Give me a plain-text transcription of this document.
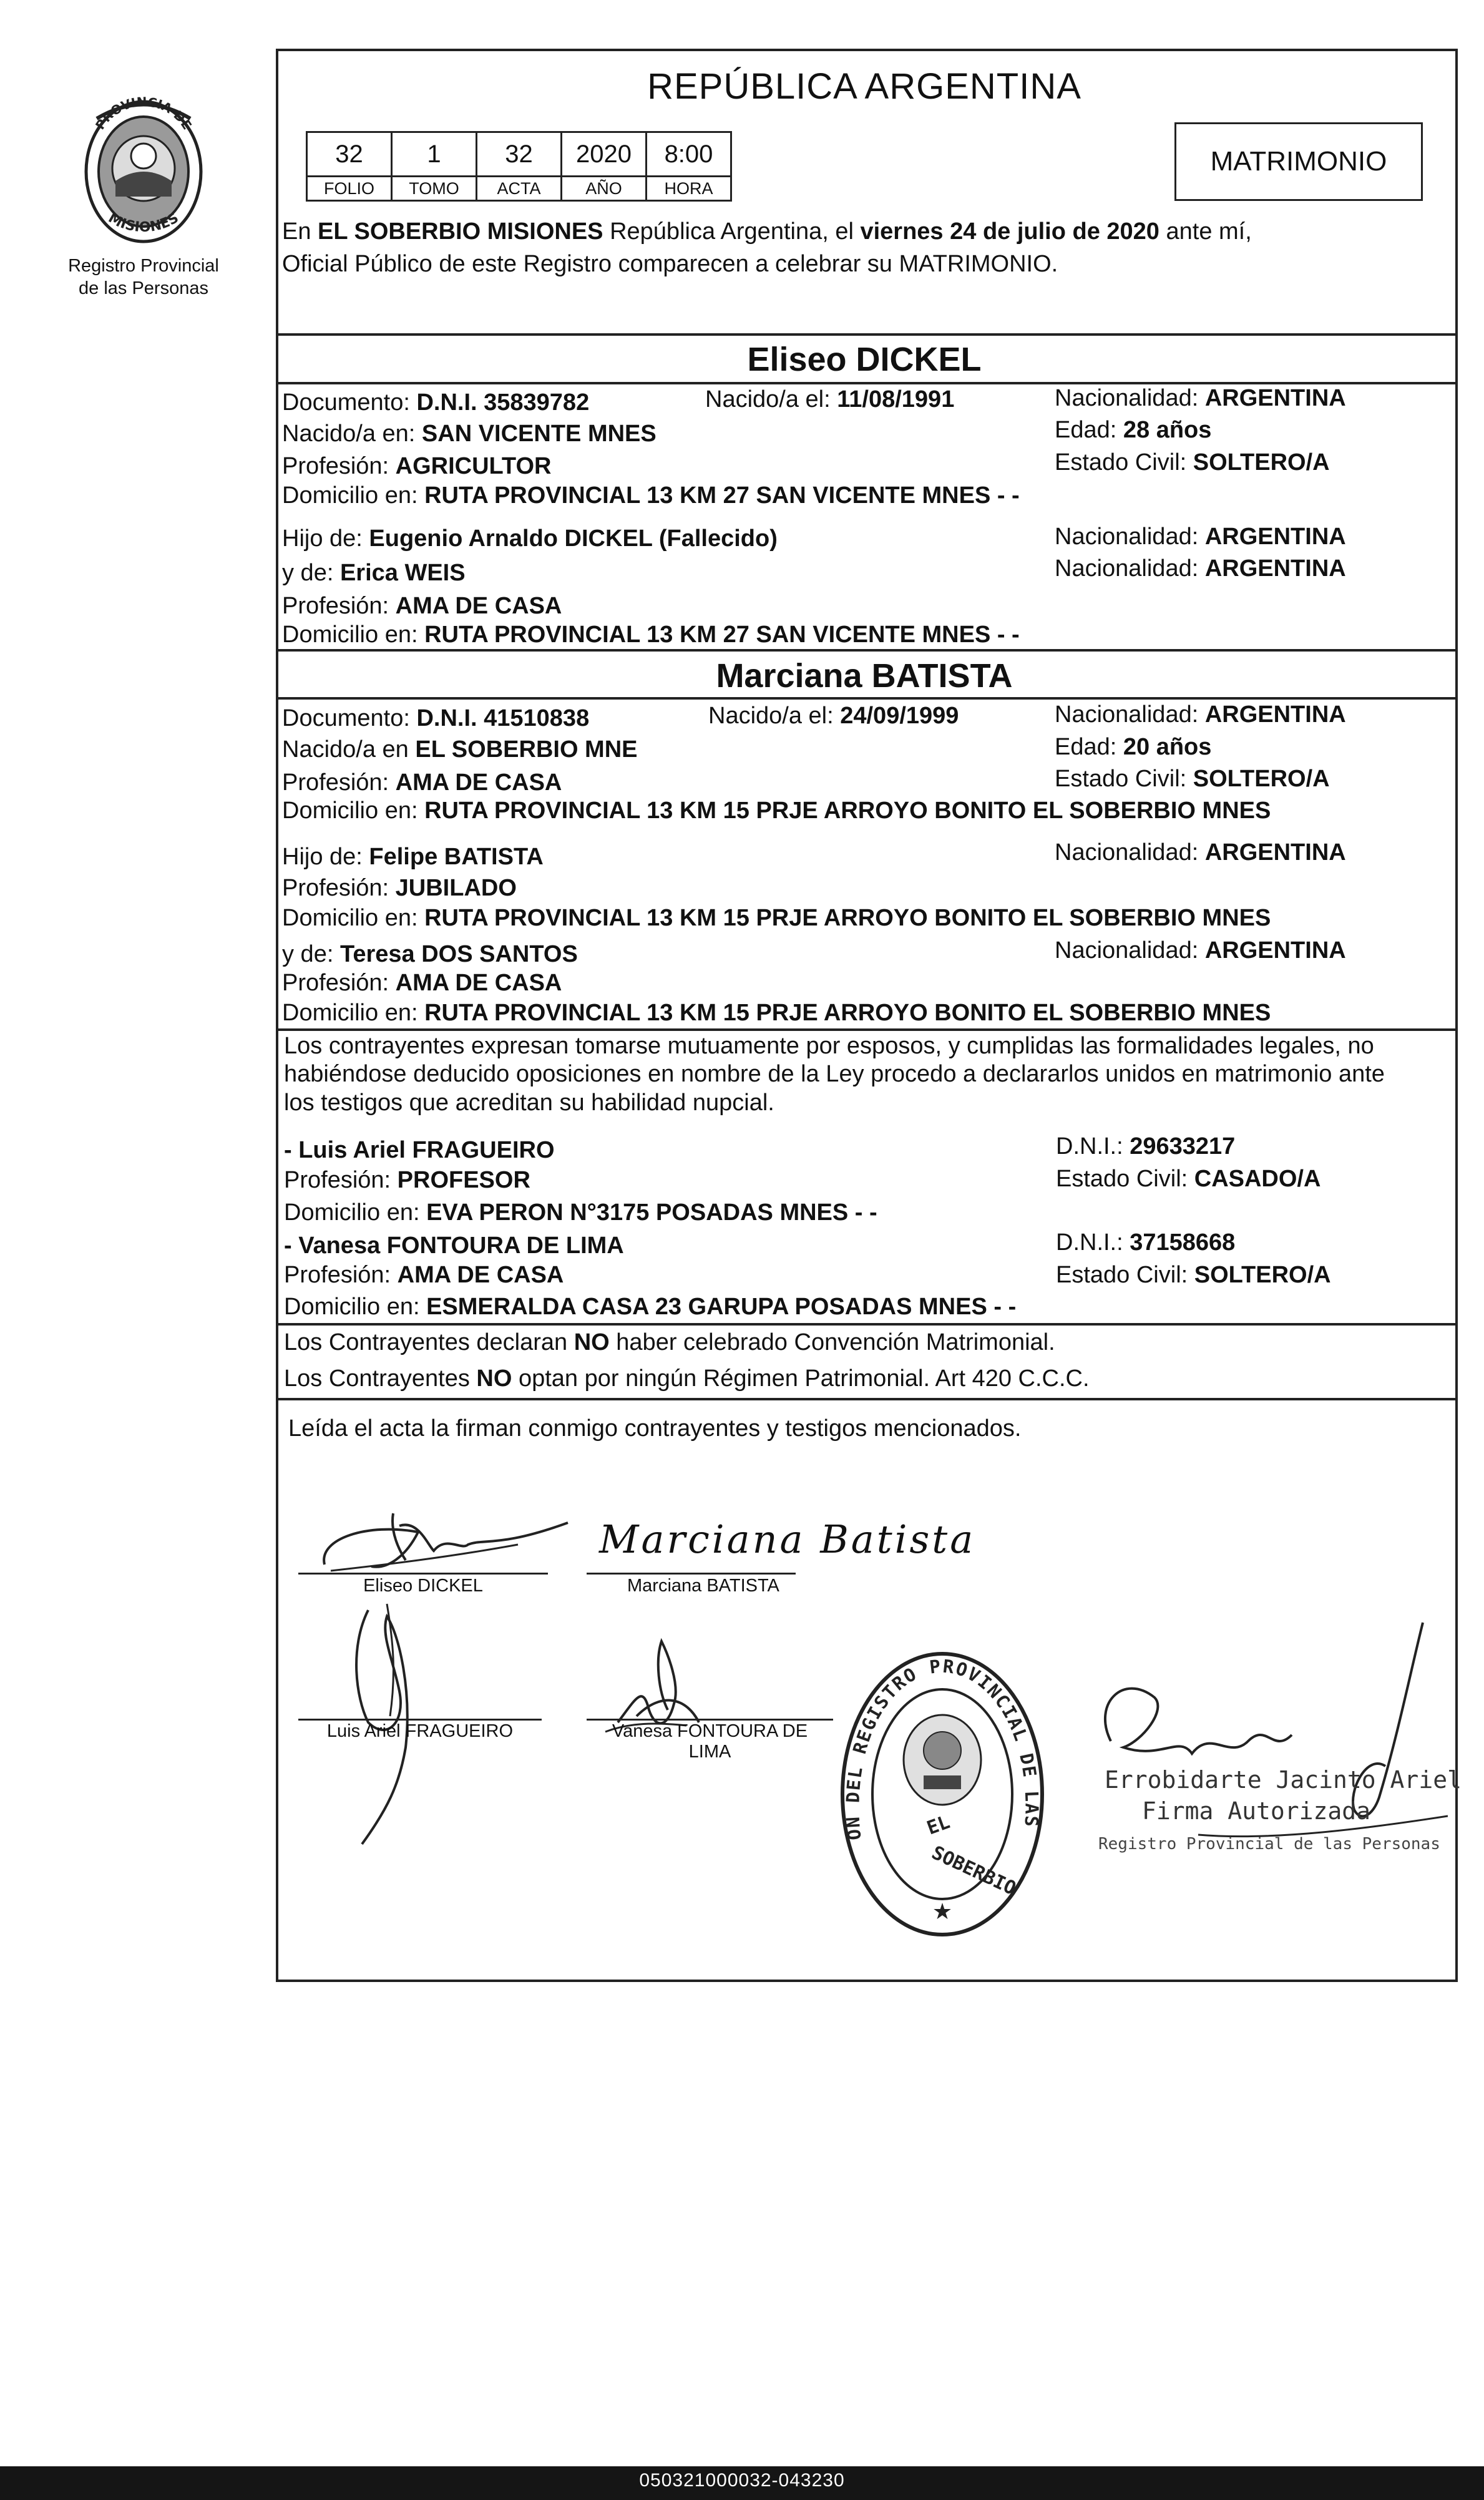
PROVINCIA DE
MISIONES
Registro Provincial
de las Personas
REPÚBLICA ARGENTINA
32	1	32	2020	8:00
FOLIO	TOMO	ACTA	AÑO	HORA
MATRIMONIO
En EL SOBERBIO MISIONES República Argentina, el viernes 24 de julio de 2020 ante mí,
Oficial Público de este Registro comparecen a celebrar su MATRIMONIO.
Eliseo DICKEL
Documento: D.N.I. 35839782	Nacido/a el: 11/08/1991	Nacionalidad: ARGENTINA
Nacido/a en: SAN VICENTE MNES	Edad: 28 años
Profesión: AGRICULTOR	Estado Civil: SOLTERO/A
Domicilio en: RUTA PROVINCIAL 13 KM 27 SAN VICENTE MNES - -
Hijo de: Eugenio Arnaldo DICKEL (Fallecido)	Nacionalidad: ARGENTINA
y de: Erica WEIS	Nacionalidad: ARGENTINA
Profesión: AMA DE CASA
Domicilio en: RUTA PROVINCIAL 13 KM 27 SAN VICENTE MNES - -
Marciana BATISTA
Documento: D.N.I. 41510838	Nacido/a el: 24/09/1999	Nacionalidad: ARGENTINA
Nacido/a en EL SOBERBIO MNE	Edad: 20 años
Profesión: AMA DE CASA	Estado Civil: SOLTERO/A
Domicilio en: RUTA PROVINCIAL 13 KM 15 PRJE ARROYO BONITO EL SOBERBIO MNES
Hijo de: Felipe BATISTA	Nacionalidad: ARGENTINA
Profesión: JUBILADO
Domicilio en: RUTA PROVINCIAL 13 KM 15 PRJE ARROYO BONITO EL SOBERBIO MNES
y de: Teresa DOS SANTOS	Nacionalidad: ARGENTINA
Profesión: AMA DE CASA
Domicilio en: RUTA PROVINCIAL 13 KM 15 PRJE ARROYO BONITO EL SOBERBIO MNES
Los contrayentes expresan tomarse mutuamente por esposos, y cumplidas las formalidades legales, no
habiéndose deducido oposiciones en nombre de la Ley procedo a declararlos unidos en matrimonio ante
los testigos que acreditan su habilidad nupcial.
- Luis Ariel FRAGUEIRO	D.N.I.: 29633217
Profesión: PROFESOR	Estado Civil: CASADO/A
Domicilio en: EVA PERON N°3175 POSADAS MNES - -
- Vanesa FONTOURA DE LIMA	D.N.I.: 37158668
Profesión: AMA DE CASA	Estado Civil: SOLTERO/A
Domicilio en: ESMERALDA CASA 23 GARUPA POSADAS MNES - -
Los Contrayentes declaran NO haber celebrado Convención Matrimonial.
Los Contrayentes NO optan por ningún Régimen Patrimonial. Art 420 C.C.C.
Leída el acta la firman conmigo contrayentes y testigos mencionados.
Eliseo DICKEL
Marciana Batista
Marciana BATISTA
Luis Ariel FRAGUEIRO	Vanesa FONTOURA DE
LIMA
DELEGACION DEL REGISTRO PROVINCIAL DE LAS PERSONAS
EL
SOBERBIO
★
Errobidarte Jacinto Ariel
Firma Autorizada
Registro Provincial de las Personas
050321000032-043230
